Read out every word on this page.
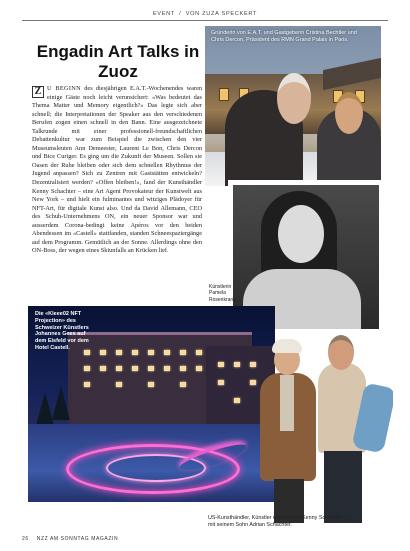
EVENT / VON ZUZA SPECKERT
Engadin Art Talks in Zuoz
Z U BEGINN des diesjährigen E.A.T.-Wochenendes waren einige Gäste noch leicht verunsichert: «Was bedeutet das Thema Matter und Memory eigentlich?» Das legte sich aber schnell; die Interpretationen der Speaker aus den verschiedenen Berufen zogen einen schnell in den Bann. Eine ausgezeichnete Talkrunde mit einer professionell-freundschaftlichen Debattenkultur war zum Beispiel die zwischen den vier Museumsleuten Ann Demeester, Laurent Le Bon, Chris Dercon und Bice Curiger. Es ging um die Zukunft der Museen. Sollen sie Oasen der Ruhe bleiben oder sich dem schnellen Rhythmus der Jugend anpassen? Sich zu Zentren mit Gaststätten entwickeln? Dezentralisiert werden? «Offen bleiben!», fand der Kunsthändler Kenny Schachter – eine Art Agent Provokateur der Kunstwelt aus New York – und hielt ein fulminantes und witziges Plädoyer für NFT-Art, für digitale Kunst also. Und da David Allemann, CEO des Schuh-Unternehmens ON, ein neuer Sponsor war und ausserdem Corona-bedingt keine Apéros vor den beiden Abendessen im «Castell» stattfanden, standen Schneespaziergänge auf dem Programm. Gemütlich an der Sonne. Allerdings ohne den ON-Boss, der wegen eines Skiunfalls an Krücken lief.
Gründerin von E.A.T. und Gastgeberin Cristina Bechtler und Chris Dercon, Präsident des RMN Grand Palais in Paris.
Künstlerin Pamela Rosenkranz.
Die «Kleee02 NFT Projection» des Schweizer Künstlers Johannes Gees auf dem Eisfeld vor dem Hotel Castell.
US-Kunsthändler, Künstler und Dozent Kenny Schachter (r.) mit seinem Sohn Adrian Schachter.
26 NZZ AM SONNTAG MAGAZIN
